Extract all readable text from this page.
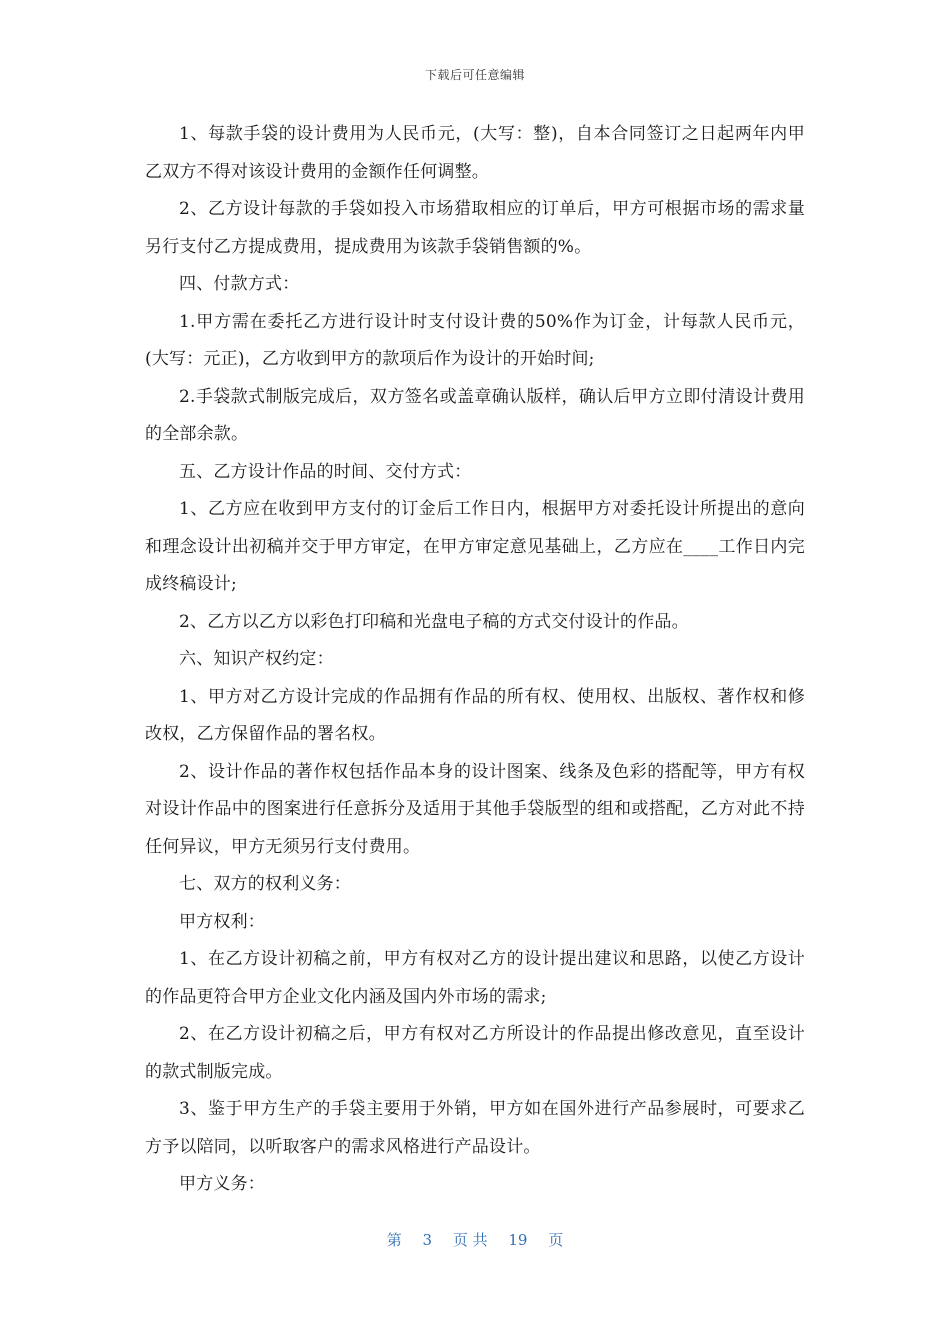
下载后可任意编辑

1、每款手袋的设计费用为人民币元，(大写：整)，自本合同签订之日起两年内甲乙双方不得对该设计费用的金额作任何调整。

2、乙方设计每款的手袋如投入市场猎取相应的订单后，甲方可根据市场的需求量另行支付乙方提成费用，提成费用为该款手袋销售额的%。

四、付款方式：

1.甲方需在委托乙方进行设计时支付设计费的50%作为订金，计每款人民币元，(大写：元正)，乙方收到甲方的款项后作为设计的开始时间;

2.手袋款式制版完成后，双方签名或盖章确认版样，确认后甲方立即付清设计费用的全部余款。

五、乙方设计作品的时间、交付方式：

1、乙方应在收到甲方支付的订金后工作日内，根据甲方对委托设计所提出的意向和理念设计出初稿并交于甲方审定，在甲方审定意见基础上，乙方应在____工作日内完成终稿设计;

2、乙方以乙方以彩色打印稿和光盘电子稿的方式交付设计的作品。

六、知识产权约定：

1、甲方对乙方设计完成的作品拥有作品的所有权、使用权、出版权、著作权和修改权，乙方保留作品的署名权。

2、设计作品的著作权包括作品本身的设计图案、线条及色彩的搭配等，甲方有权对设计作品中的图案进行任意拆分及适用于其他手袋版型的组和或搭配，乙方对此不持任何异议，甲方无须另行支付费用。

七、双方的权利义务：

甲方权利：

1、在乙方设计初稿之前，甲方有权对乙方的设计提出建议和思路，以使乙方设计的作品更符合甲方企业文化内涵及国内外市场的需求;

2、在乙方设计初稿之后，甲方有权对乙方所设计的作品提出修改意见，直至设计的款式制版完成。

3、鉴于甲方生产的手袋主要用于外销，甲方如在国外进行产品参展时，可要求乙方予以陪同，以听取客户的需求风格进行产品设计。

甲方义务：

第 3 页 共 19 页
